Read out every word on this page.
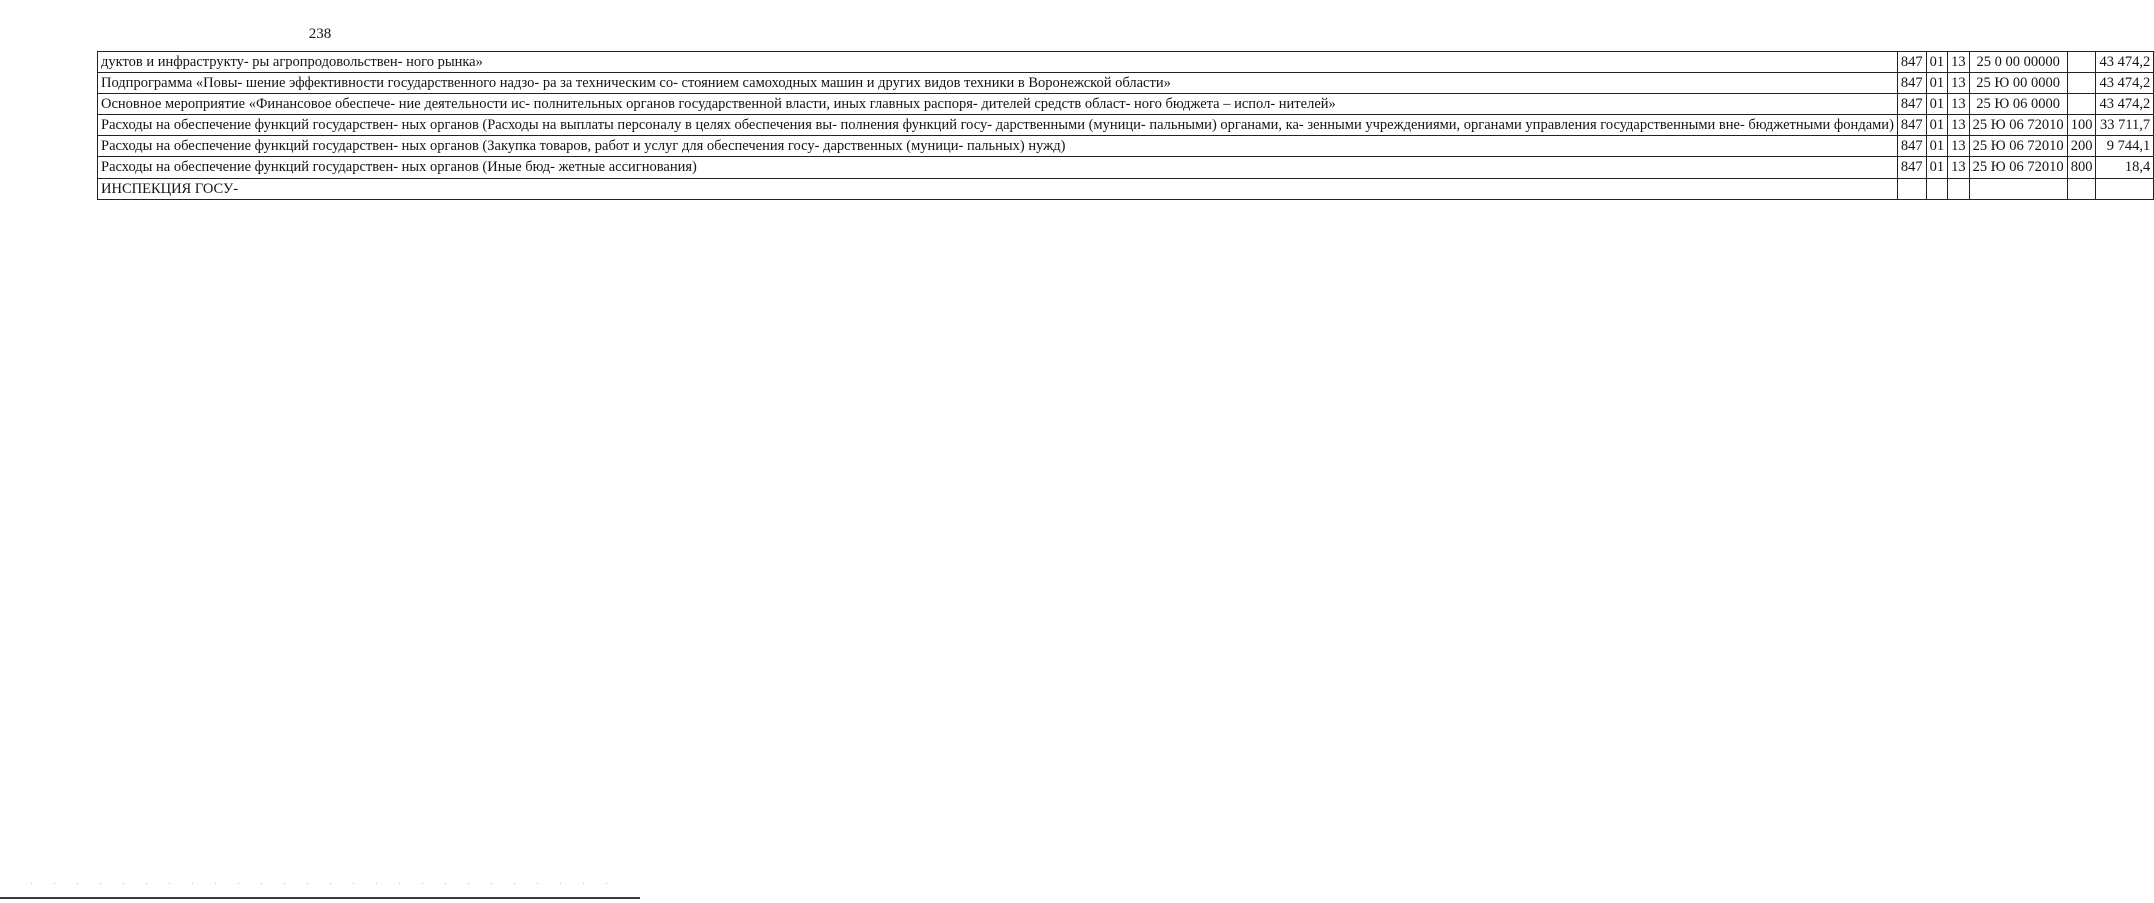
238
дуктов и инфраструкту- ры агропродовольствен- ного рынка»	847	01	13	25 0 00 00000		43 474,2
Подпрограмма «Повы- шение эффективности государственного надзо- ра за техническим со- стоянием самоходных машин и других видов техники в Воронежской области»	847	01	13	25 Ю 00 0000		43 474,2
Основное мероприятие «Финансовое обеспече- ние деятельности ис- полнительных органов государственной власти, иных главных распоря- дителей средств област- ного бюджета – испол- нителей»	847	01	13	25 Ю 06 0000		43 474,2
Расходы на обеспечение функций государствен- ных органов (Расходы на выплаты персоналу в целях обеспечения вы- полнения функций госу- дарственными (муници- пальными) органами, ка- зенными учреждениями, органами управления государственными вне- бюджетными фондами)	847	01	13	25 Ю 06 72010	100	33 711,7
Расходы на обеспечение функций государствен- ных органов (Закупка товаров, работ и услуг для обеспечения госу- дарственных (муници- пальных) нужд)	847	01	13	25 Ю 06 72010	200	9 744,1
Расходы на обеспечение функций государствен- ных органов (Иные бюд- жетные ассигнования)	847	01	13	25 Ю 06 72010	800	18,4
ИНСПЕКЦИЯ ГОСУ-						
